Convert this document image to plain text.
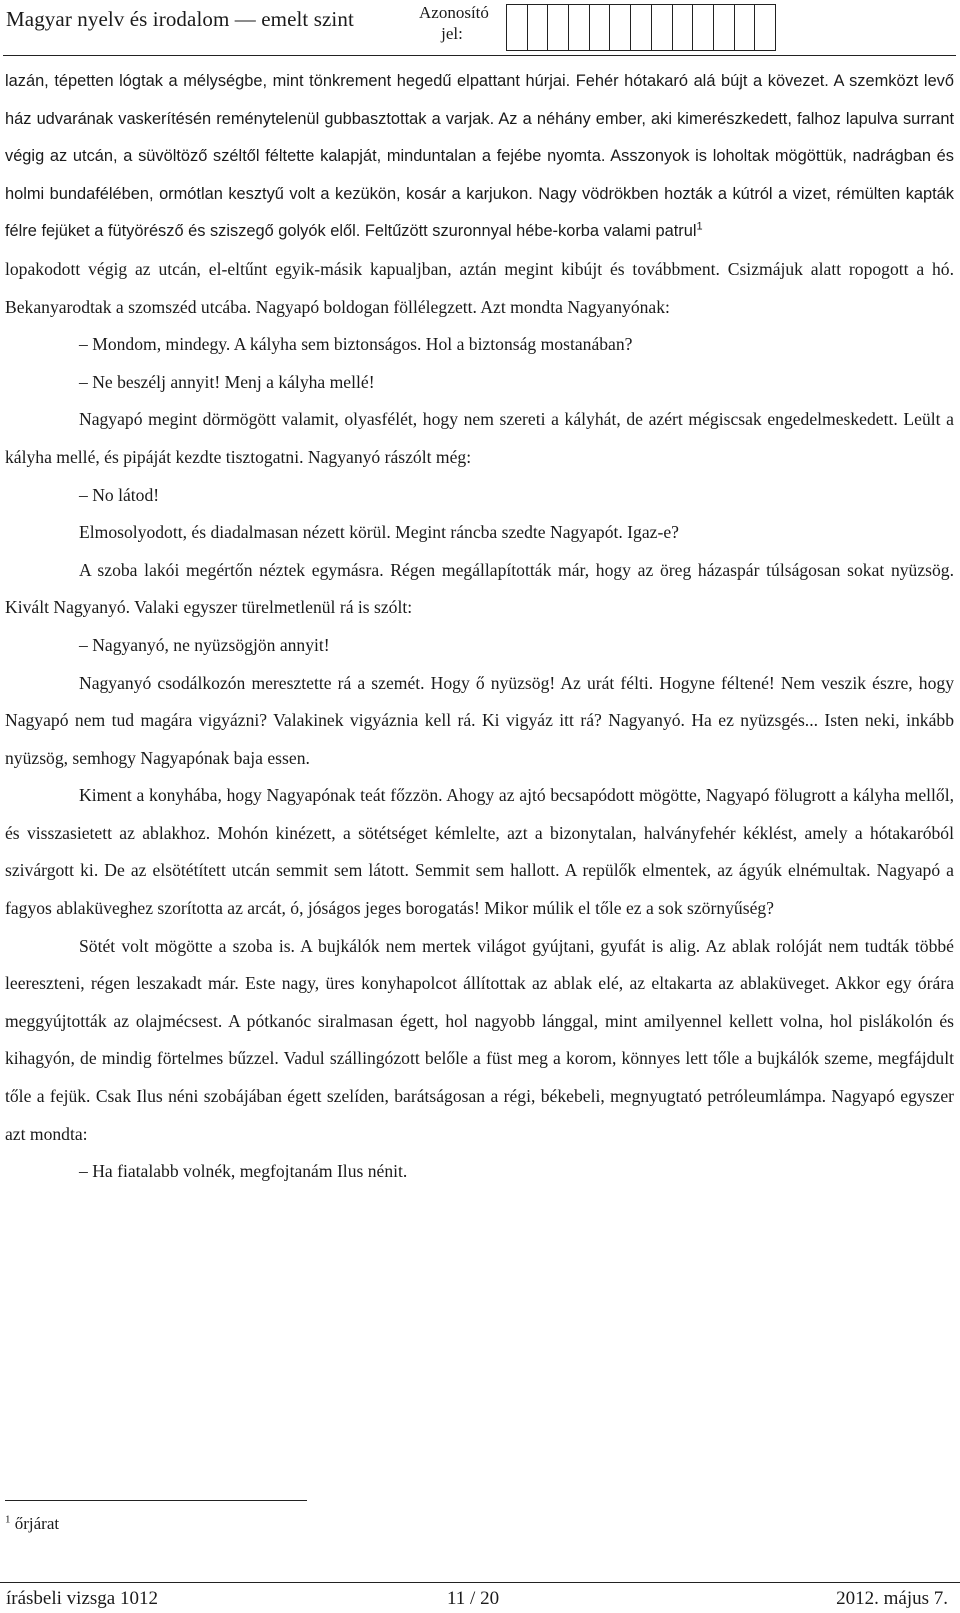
Magyar nyelv és irodalom — emelt szint	Azonosító jel:

lazán, tépetten lógtak a mélységbe, mint tönkrement hegedű elpattant húrjai. Fehér hótakaró alá bújt a kövezet. A szemközt levő ház udvarának vaskerítésén reménytelenül gubbasztottak a varjak. Az a néhány ember, aki kimerészkedett, falhoz lapulva surrant végig az utcán, a süvöltöző széltől féltette kalapját, minduntalan a fejébe nyomta. Asszonyok is loholtak mögöttük, nadrágban és holmi bundafélében, ormótlan kesztyű volt a kezükön, kosár a karjukon. Nagy vödrökben hozták a kútról a vizet, rémülten kapták félre fejüket a fütyörésző és sziszegő golyók elől. Feltűzött szuronnyal hébe-korba valami patrul$^1$

lopakodott végig az utcán, el-eltűnt egyik-másik kapualjban, aztán megint kibújt és továbbment. Csizmájuk alatt ropogott a hó. Bekanyarodtak a szomszéd utcába. Nagyapó boldogan föllélegzett. Azt mondta Nagyanyónak:

– Mondom, mindegy. A kályha sem biztonságos. Hol a biztonság mostanában?

– Ne beszélj annyit! Menj a kályha mellé!

Nagyapó megint dörmögött valamit, olyasfélét, hogy nem szereti a kályhát, de azért mégiscsak engedelmeskedett. Leült a kályha mellé, és pipáját kezdte tisztogatni. Nagyanyó rászólt még:

– No látod!

Elmosolyodott, és diadalmasan nézett körül. Megint ráncba szedte Nagyapót. Igaz-e?

A szoba lakói megértőn néztek egymásra. Régen megállapították már, hogy az öreg házaspár túlságosan sokat nyüzsög. Kivált Nagyanyó. Valaki egyszer türelmetlenül rá is szólt:

– Nagyanyó, ne nyüzsögjön annyit!

Nagyanyó csodálkozón meresztette rá a szemét. Hogy ő nyüzsög! Az urát félti. Hogyne féltené! Nem veszik észre, hogy Nagyapó nem tud magára vigyázni? Valakinek vigyáznia kell rá. Ki vigyáz itt rá? Nagyanyó. Ha ez nyüzsgés... Isten neki, inkább nyüzsög, semhogy Nagyapónak baja essen.

Kiment a konyhába, hogy Nagyapónak teát főzzön. Ahogy az ajtó becsapódott mögötte, Nagyapó fölugrott a kályha mellől, és visszasietett az ablakhoz. Mohón kinézett, a sötétséget kémlelte, azt a bizonytalan, halványfehér kéklést, amely a hótakaróból szivárgott ki. De az elsötétített utcán semmit sem látott. Semmit sem hallott. A repülők elmentek, az ágyúk elnémultak. Nagyapó a fagyos ablaküveghez szorította az arcát, ó, jóságos jeges borogatás! Mikor múlik el tőle ez a sok szörnyűség?

Sötét volt mögötte a szoba is. A bujkálók nem mertek világot gyújtani, gyufát is alig. Az ablak rolóját nem tudták többé leereszteni, régen leszakadt már. Este nagy, üres konyhapolcot állítottak az ablak elé, az eltakarta az ablaküveget. Akkor egy órára meggyújtották az olajmécsest. A pótkanóc siralmasan égett, hol nagyobb lánggal, mint amilyennel kellett volna, hol pislákolón és kihagyón, de mindig förtelmes bűzzel. Vadul szállingózott belőle a füst meg a korom, könnyes lett tőle a bujkálók szeme, megfájdult tőle a fejük. Csak Ilus néni szobájában égett szelíden, barátságosan a régi, békebeli, megnyugtató petróleumlámpa. Nagyapó egyszer azt mondta:

– Ha fiatalabb volnék, megfojtanám Ilus nénit.

$^1$ őrjárat
írásbeli vizsga 1012	11 / 20	2012. május 7.
